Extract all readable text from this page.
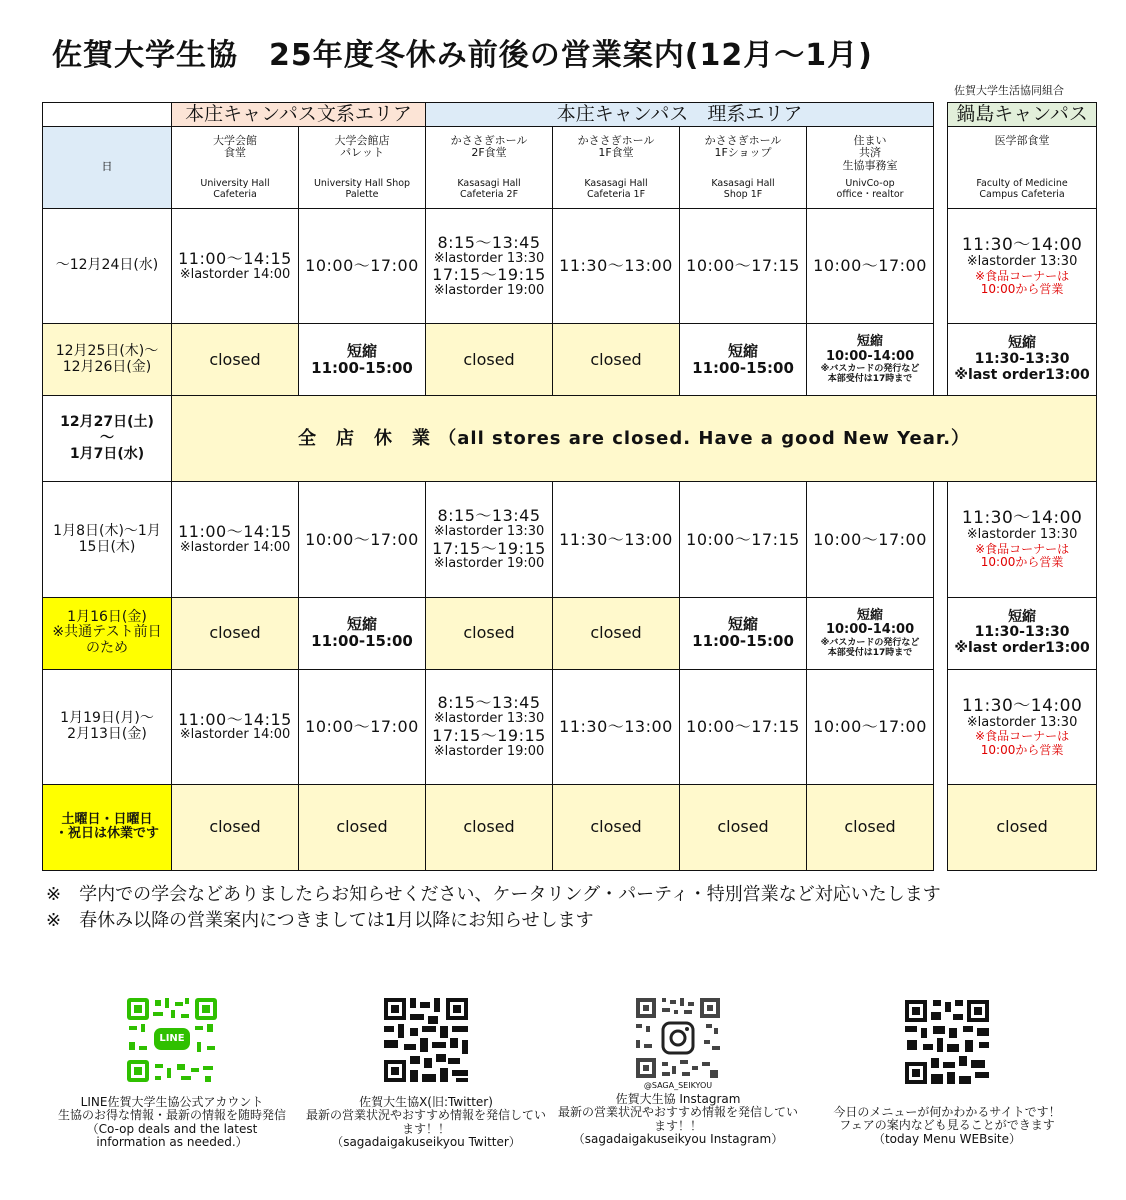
佐賀大学生協　25年度冬休み前後の営業案内(12月～1月)
佐賀大学生活協同組合
	本庄キャンパス文系エリア		本庄キャンパス　理系エリア					鍋島キャンパス
日	大学会館
食堂
University Hall
Cafeteria	大学会館店
パレット
University Hall Shop
Palette	かささぎホール
2F食堂
Kasasagi Hall
Cafeteria 2F	かささぎホール
1F食堂
Kasasagi Hall
Cafeteria 1F	かささぎホール
1Fショップ
Kasasagi Hall
Shop 1F	住まい
共済
生協事務室
UnivCo-op
office・realtor		医学部食堂
Faculty of Medicine
Campus Cafeteria

～12月24日(水)	11:00～14:15
※lastorder 14:00	10:00～17:00	8:15～13:45
※lastorder 13:30
17:15～19:15
※lastorder 19:00	11:30～13:00	10:00～17:15	10:00～17:00		11:30～14:00
※lastorder 13:30
※食品コーナーは
10:00から営業

12月25日(木)～
12月26日(金)	closed	短縮
11:00-15:00	closed	closed	短縮
11:00-15:00	短縮
10:00-14:00
※バスカードの発行など
本部受付は17時まで		短縮
11:30-13:30
※last order13:00

12月27日(土)
～
1月7日(水)	全　店　休　業 （all stores are closed. Have a good New Year.）							
1月8日(木)～1月
15日(木)	11:00～14:15
※lastorder 14:00	10:00～17:00	8:15～13:45
※lastorder 13:30
17:15～19:15
※lastorder 19:00	11:30～13:00	10:00～17:15	10:00～17:00		11:30～14:00
※lastorder 13:30
※食品コーナーは
10:00から営業

1月16日(金)
※共通テスト前日
のため	closed	短縮
11:00-15:00	closed	closed	短縮
11:00-15:00	短縮
10:00-14:00
※バスカードの発行など
本部受付は17時まで		短縮
11:30-13:30
※last order13:00

1月19日(月)～
2月13日(金)	11:00～14:15
※lastorder 14:00	10:00～17:00	8:15～13:45
※lastorder 13:30
17:15～19:15
※lastorder 19:00	11:30～13:00	10:00～17:15	10:00～17:00		11:30～14:00
※lastorder 13:30
※食品コーナーは
10:00から営業

土曜日・日曜日
・祝日は休業です	closed	closed	closed	closed	closed	closed		closed
※　学内での学会などありましたらお知らせください、ケータリング・パーティ・特別営業など対応いたします
※　春休み以降の営業案内につきましては1月以降にお知らせします
LINE
LINE佐賀大学生協公式アカウント
生協のお得な情報・最新の情報を随時発信
（Co-op deals and the latest
information as needed.）
佐賀大生協X(旧:Twitter)
最新の営業状況やおすすめ情報を発信してい
ます！！
（sagadaigakuseikyou Twitter）
@SAGA_SEIKYOU
佐賀大生協 Instagram
最新の営業状況やおすすめ情報を発信してい
ます！！
（sagadaigakuseikyou Instagram）
今日のメニューが何かわかるサイトです！
フェアの案内なども見ることができます
（today Menu WEBsite）
